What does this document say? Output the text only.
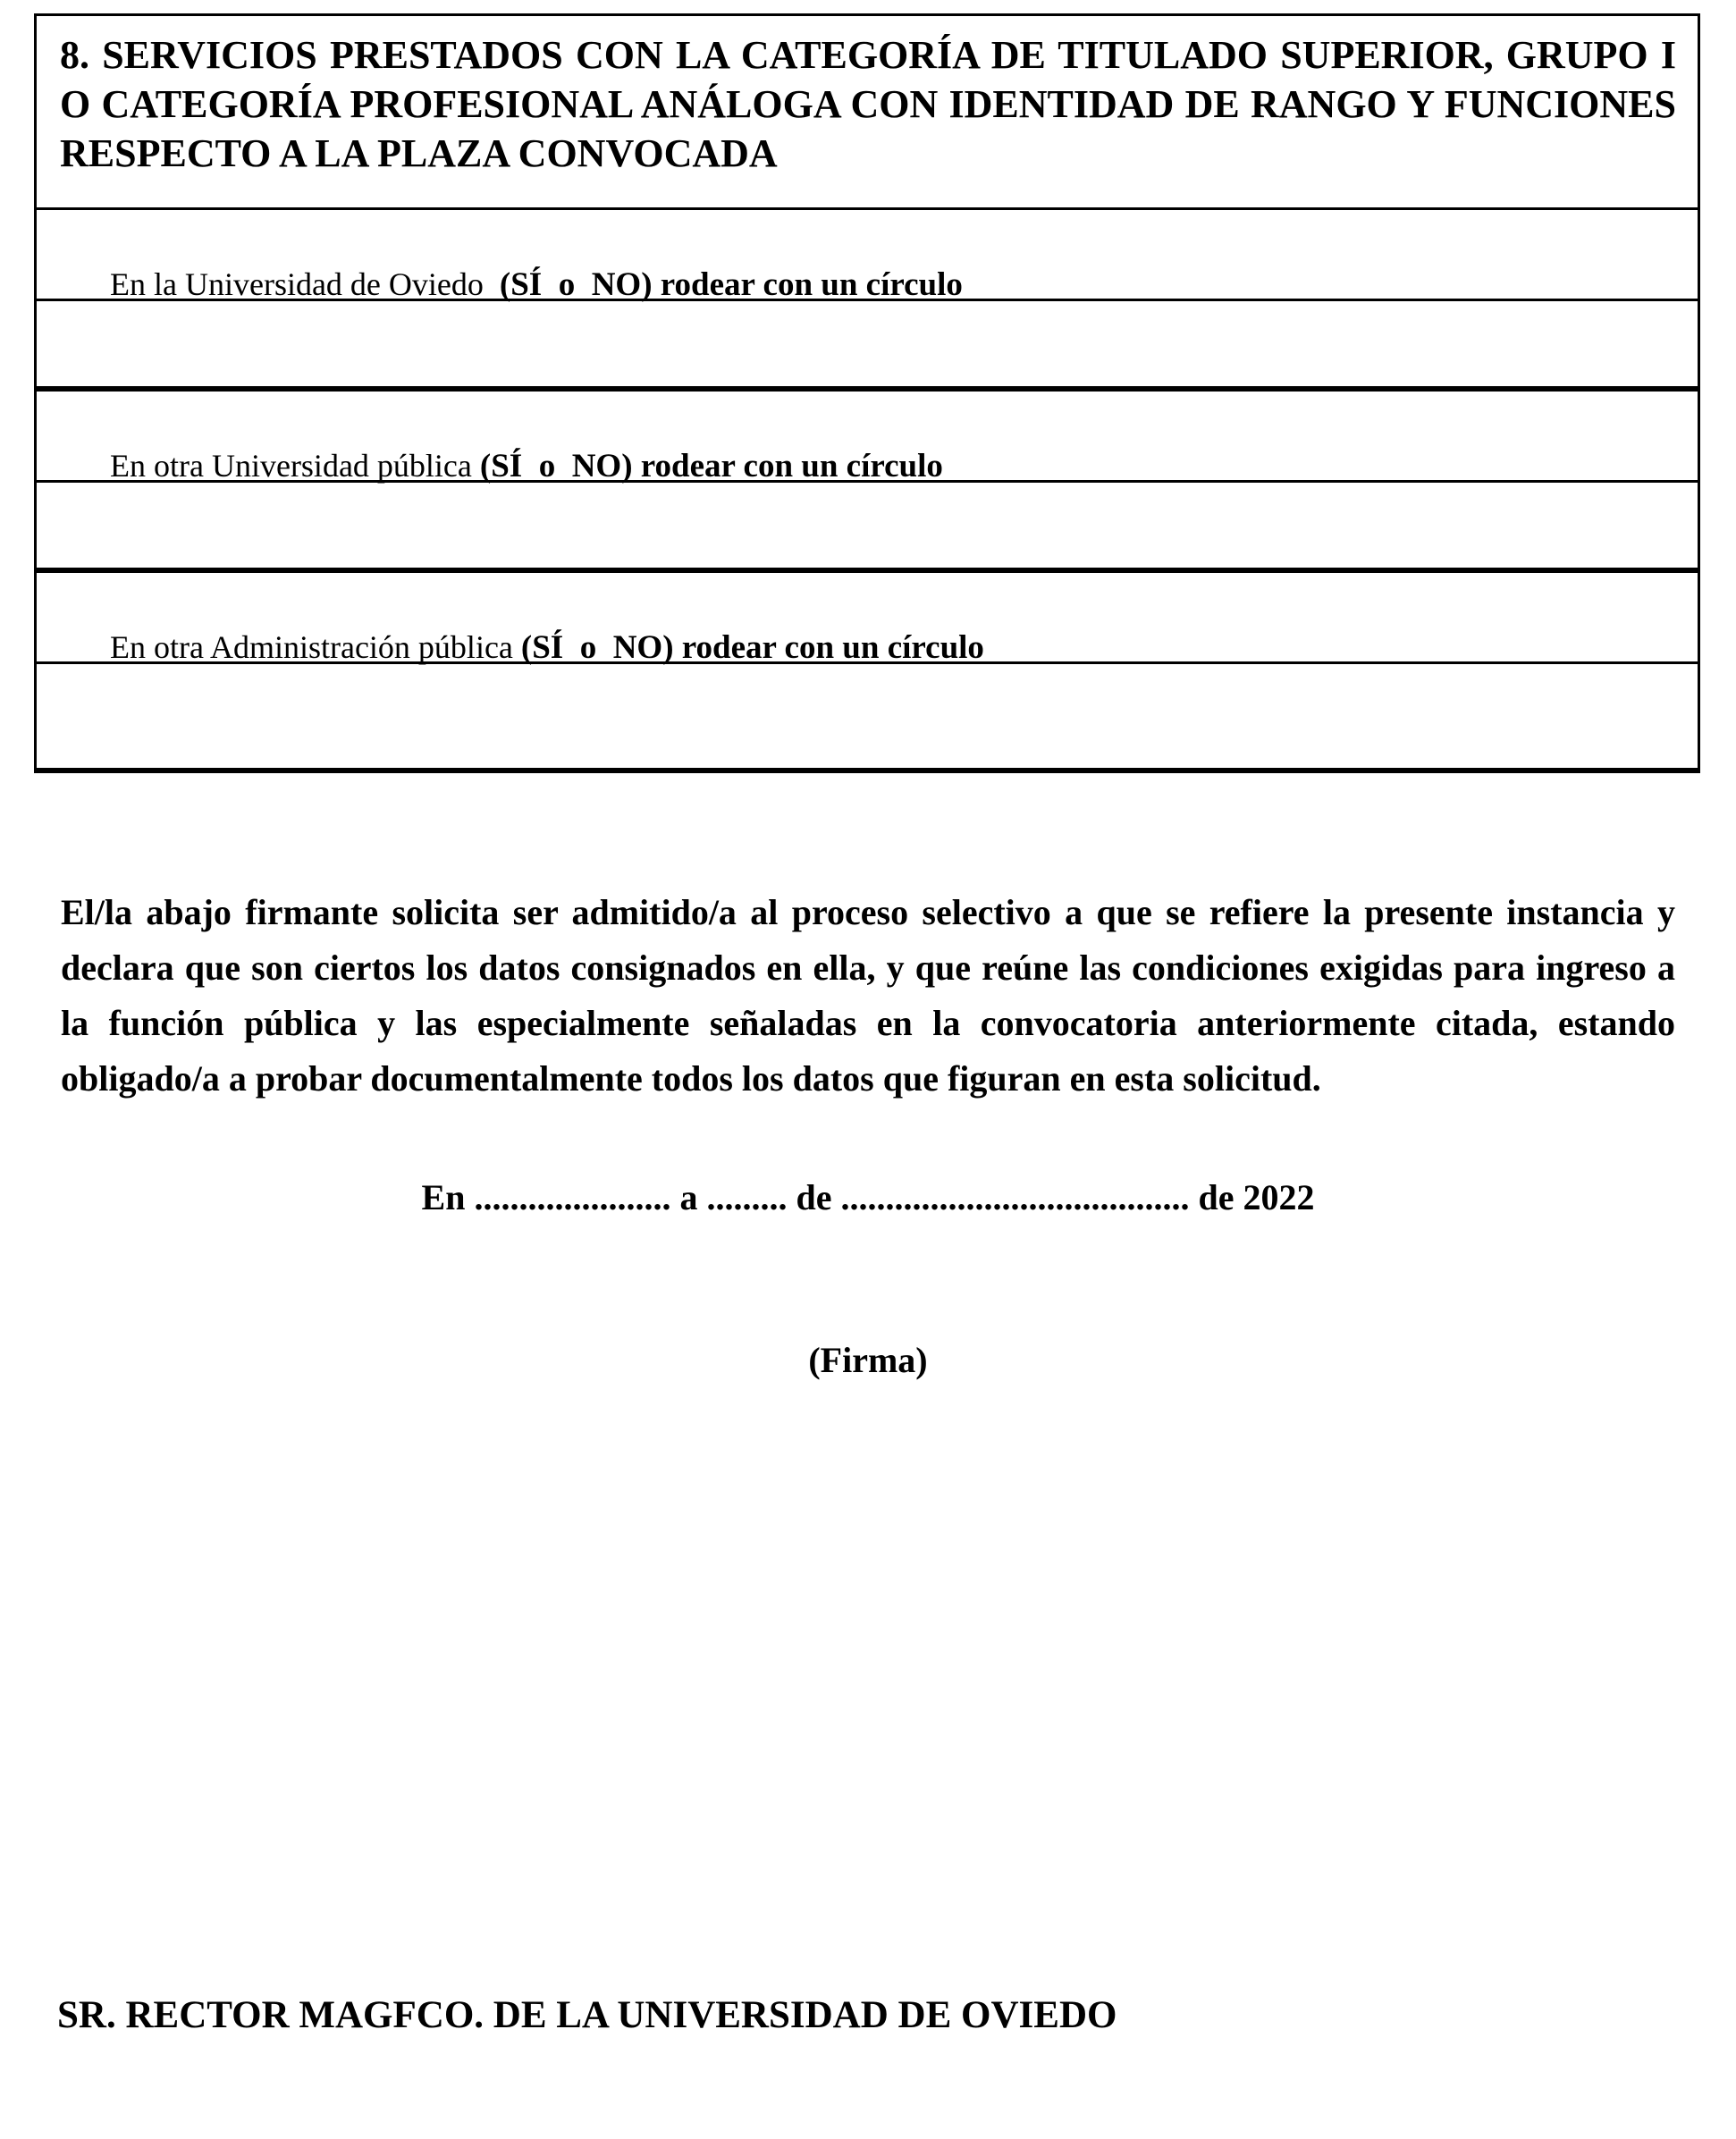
8. SERVICIOS PRESTADOS CON LA CATEGORÍA DE TITULADO SUPERIOR, GRUPO I O CATEGORÍA PROFESIONAL ANÁLOGA CON IDENTIDAD DE RANGO Y FUNCIONES RESPECTO A LA PLAZA CONVOCADA

En la Universidad de Oviedo  (SÍ  o  NO) rodear con un círculo

En otra Universidad pública (SÍ  o  NO) rodear con un círculo

En otra Administración pública (SÍ  o  NO) rodear con un círculo

El/la abajo firmante solicita ser admitido/a al proceso selectivo a que se refiere la presente instancia y declara que son ciertos los datos consignados en ella, y que reúne las condiciones exigidas para ingreso a la función pública y las especialmente señaladas en la convocatoria anteriormente citada, estando obligado/a a probar documentalmente todos los datos que figuran en esta solicitud.
En ...................... a ......... de ....................................... de 2022
(Firma)
SR. RECTOR MAGFCO. DE LA UNIVERSIDAD DE OVIEDO
